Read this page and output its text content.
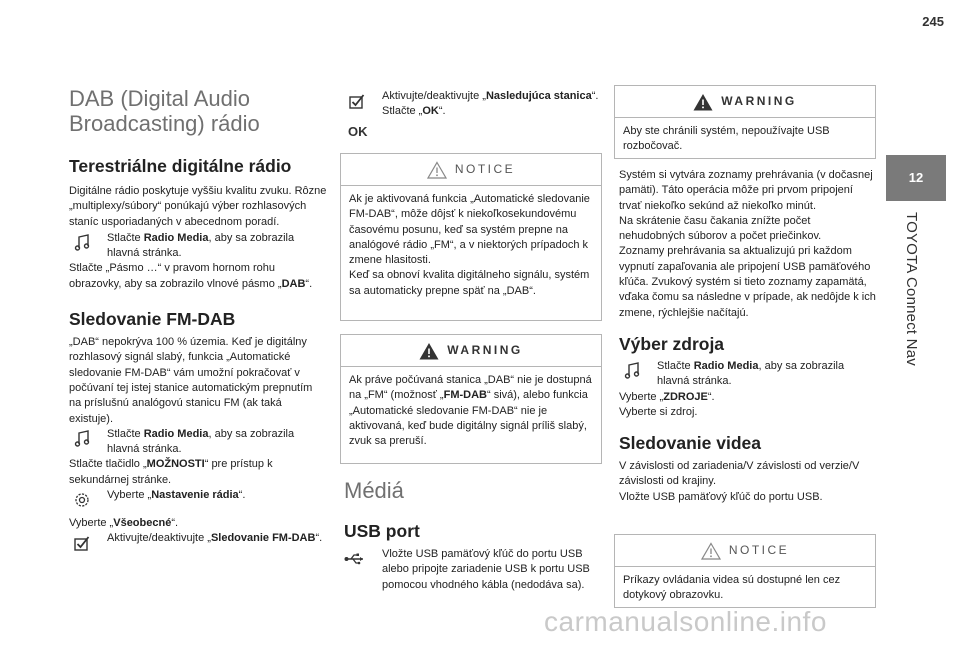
245
12
TOYOTA Connect Nav
DAB (Digital Audio
Broadcasting) rádio
Terestriálne digitálne rádio

Digitálne rádio poskytuje vyššiu kvalitu zvuku. Rôzne „multiplexy/súbory“ ponúkajú výber rozhlasových staníc usporiadaných v abecednom poradí.

Stlačte Radio Media, aby sa zobrazila hlavná stránka.

Stlačte „Pásmo …“ v pravom hornom rohu obrazovky, aby sa zobrazilo vlnové pásmo „DAB“.

Sledovanie FM-DAB

„DAB“ nepokrýva 100 % územia. Keď je digitálny rozhlasový signál slabý, funkcia „Automatické sledovanie FM-DAB“ vám umožní pokračovať v počúvaní tej istej stanice automatickým prepnutím na príslušnú analógovú stanicu FM (ak taká existuje).

Stlačte Radio Media, aby sa zobrazila hlavná stránka.

Stlačte tlačidlo „MOŽNOSTI“ pre prístup k sekundárnej stránke.

Vyberte „Nastavenie rádia“.

Vyberte „Všeobecné“.

Aktivujte/deaktivujte „Sledovanie FM-DAB“.
Aktivujte/deaktivujte „Nasledujúca stanica“.
Stlačte „OK“.
OK
NOTICE

Ak je aktivovaná funkcia „Automatické sledovanie FM-DAB“, môže dôjsť k niekoľkosekundovému časovému posunu, keď sa systém prepne na analógové rádio „FM“, a v niektorých prípadoch k zmene hlasitosti.

Keď sa obnoví kvalita digitálneho signálu, systém sa automaticky prepne späť na „DAB“.

WARNING

Ak práve počúvaná stanica „DAB“ nie je dostupná na „FM“ (možnosť „FM-DAB“ sivá), alebo funkcia „Automatické sledovanie FM-DAB“ nie je aktivovaná, keď bude digitálny signál príliš slabý, zvuk sa preruší.

Médiá
USB port
Vložte USB pamäťový kľúč do portu USB alebo pripojte zariadenie USB k portu USB pomocou vhodného kábla (nedodáva sa).
WARNING

Aby ste chránili systém, nepoužívajte USB rozbočovač.

Systém si vytvára zoznamy prehrávania (v dočasnej pamäti). Táto operácia môže pri prvom pripojení trvať niekoľko sekúnd až niekoľko minút.

Na skrátenie času čakania znížte počet nehudobných súborov a počet priečinkov.

Zoznamy prehrávania sa aktualizujú pri každom vypnutí zapaľovania ale pripojení USB pamäťového kľúča. Zvukový systém si tieto zoznamy zapamätá, vďaka čomu sa následne v prípade, ak nedôjde k ich zmene, rýchlejšie načítajú.

Výber zdroja
Stlačte Radio Media, aby sa zobrazila hlavná stránka.

Vyberte „ZDROJE“.

Vyberte si zdroj.

Sledovanie videa

V závislosti od zariadenia/V závislosti od verzie/V závislosti od krajiny.

Vložte USB pamäťový kľúč do portu USB.

NOTICE

Príkazy ovládania videa sú dostupné len cez dotykový obrazovku.

carmanualsonline.info
